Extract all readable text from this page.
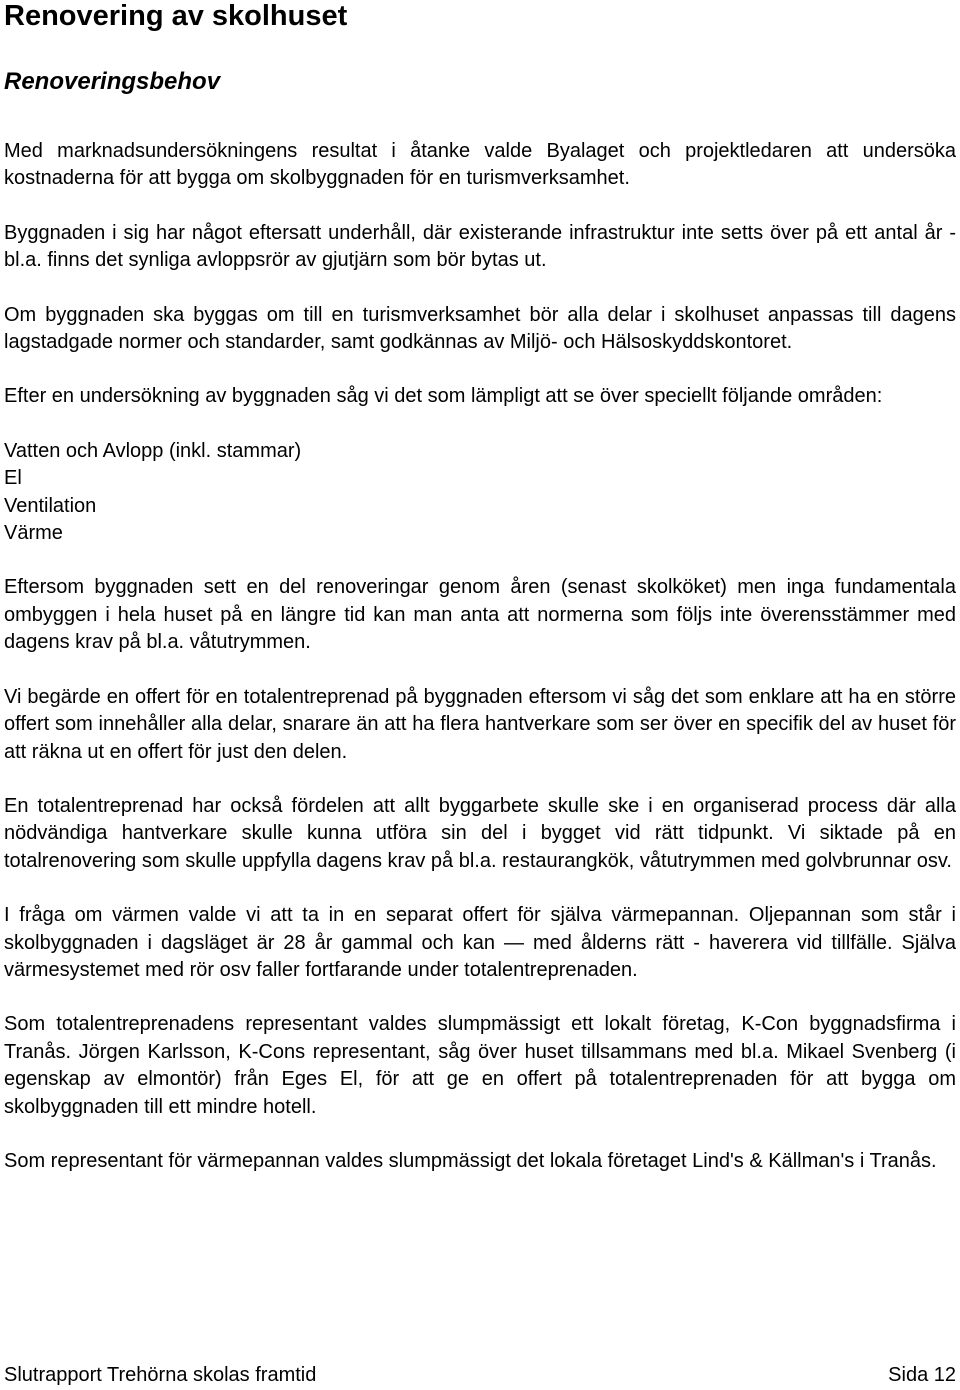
Renovering av skolhuset
Renoveringsbehov

Med marknadsundersökningens resultat i åtanke valde Byalaget och projektledaren att undersöka kostnaderna för att bygga om skolbyggnaden för en turismverksamhet.

Byggnaden i sig har något eftersatt underhåll, där existerande infrastruktur inte setts över på ett antal år - bl.a. finns det synliga avloppsrör av gjutjärn som bör bytas ut.

Om byggnaden ska byggas om till en turismverksamhet bör alla delar i skolhuset anpassas till dagens lagstadgade normer och standarder, samt godkännas av Miljö- och Hälsoskyddskontoret.

Efter en undersökning av byggnaden såg vi det som lämpligt att se över speciellt följande områden:

Vatten och Avlopp (inkl. stammar)
El
Ventilation
Värme

Eftersom byggnaden sett en del renoveringar genom åren (senast skolköket) men inga fundamentala ombyggen i hela huset på en längre tid kan man anta att normerna som följs inte överensstämmer med dagens krav på bl.a. våtutrymmen.

Vi begärde en offert för en totalentreprenad på byggnaden eftersom vi såg det som enklare att ha en större offert som innehåller alla delar, snarare än att ha flera hantverkare som ser över en specifik del av huset för att räkna ut en offert för just den delen.

En totalentreprenad har också fördelen att allt byggarbete skulle ske i en organiserad process där alla nödvändiga hantverkare skulle kunna utföra sin del i bygget vid rätt tidpunkt. Vi siktade på en totalrenovering som skulle uppfylla dagens krav på bl.a. restaurangkök, våtutrymmen med golvbrunnar osv.

I fråga om värmen valde vi att ta in en separat offert för själva värmepannan. Oljepannan som står i skolbyggnaden i dagsläget är 28 år gammal och kan — med ålderns rätt - haverera vid tillfälle. Själva värmesystemet med rör osv faller fortfarande under totalentreprenaden.

Som totalentreprenadens representant valdes slumpmässigt ett lokalt företag, K-Con byggnadsfirma i Tranås. Jörgen Karlsson, K-Cons representant, såg över huset tillsammans med bl.a. Mikael Svenberg (i egenskap av elmontör) från Eges El, för att ge en offert på totalentreprenaden för att bygga om skolbyggnaden till ett mindre hotell.

Som representant för värmepannan valdes slumpmässigt det lokala företaget Lind's & Källman's i Tranås.

Slutrapport Trehörna skolas framtid	Sida 12
